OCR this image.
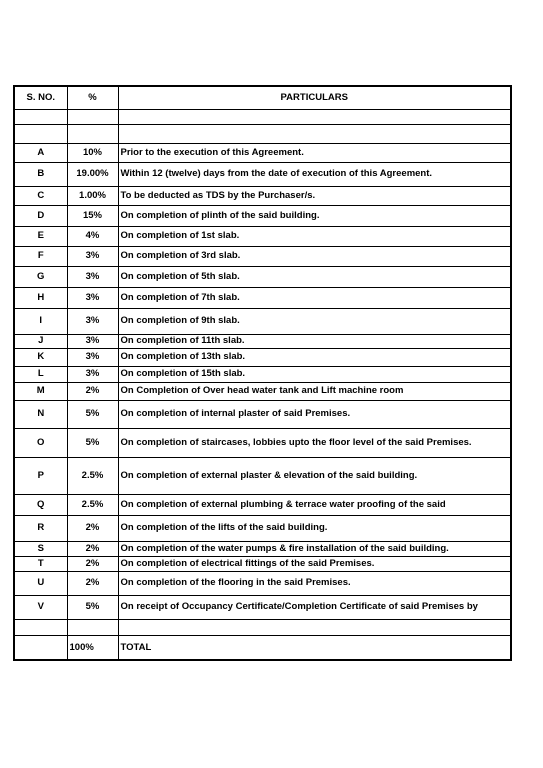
S. NO.	%	PARTICULARS

A	10%	Prior to the execution of this Agreement.
B	19.00%	Within 12 (twelve) days from the date of execution of this Agreement.
C	1.00%	To be deducted as TDS by the Purchaser/s.
D	15%	On completion of plinth of the said building.
E	4%	On completion of 1st slab.
F	3%	On completion of 3rd slab.
G	3%	On completion of 5th slab.
H	3%	On completion of 7th slab.
I	3%	On completion of 9th slab.
J	3%	On completion of 11th slab.
K	3%	On completion of 13th slab.
L	3%	On completion of 15th slab.
M	2%	On Completion of Over head water tank and Lift machine room
N	5%	On completion of internal plaster of said Premises.
O	5%	On completion of staircases, lobbies upto the floor level of the said Premises.
P	2.5%	On completion of external plaster & elevation of the said building.
Q	2.5%	On completion of external plumbing & terrace water proofing of the said
R	2%	On completion of the lifts of the said building.
S	2%	On completion of the water pumps & fire installation of the said building.
T	2%	On completion of electrical fittings of the said Premises.
U	2%	On completion of the flooring in the said Premises.
V	5%	On receipt of Occupancy Certificate/Completion Certificate of said Premises by

	100%	TOTAL
